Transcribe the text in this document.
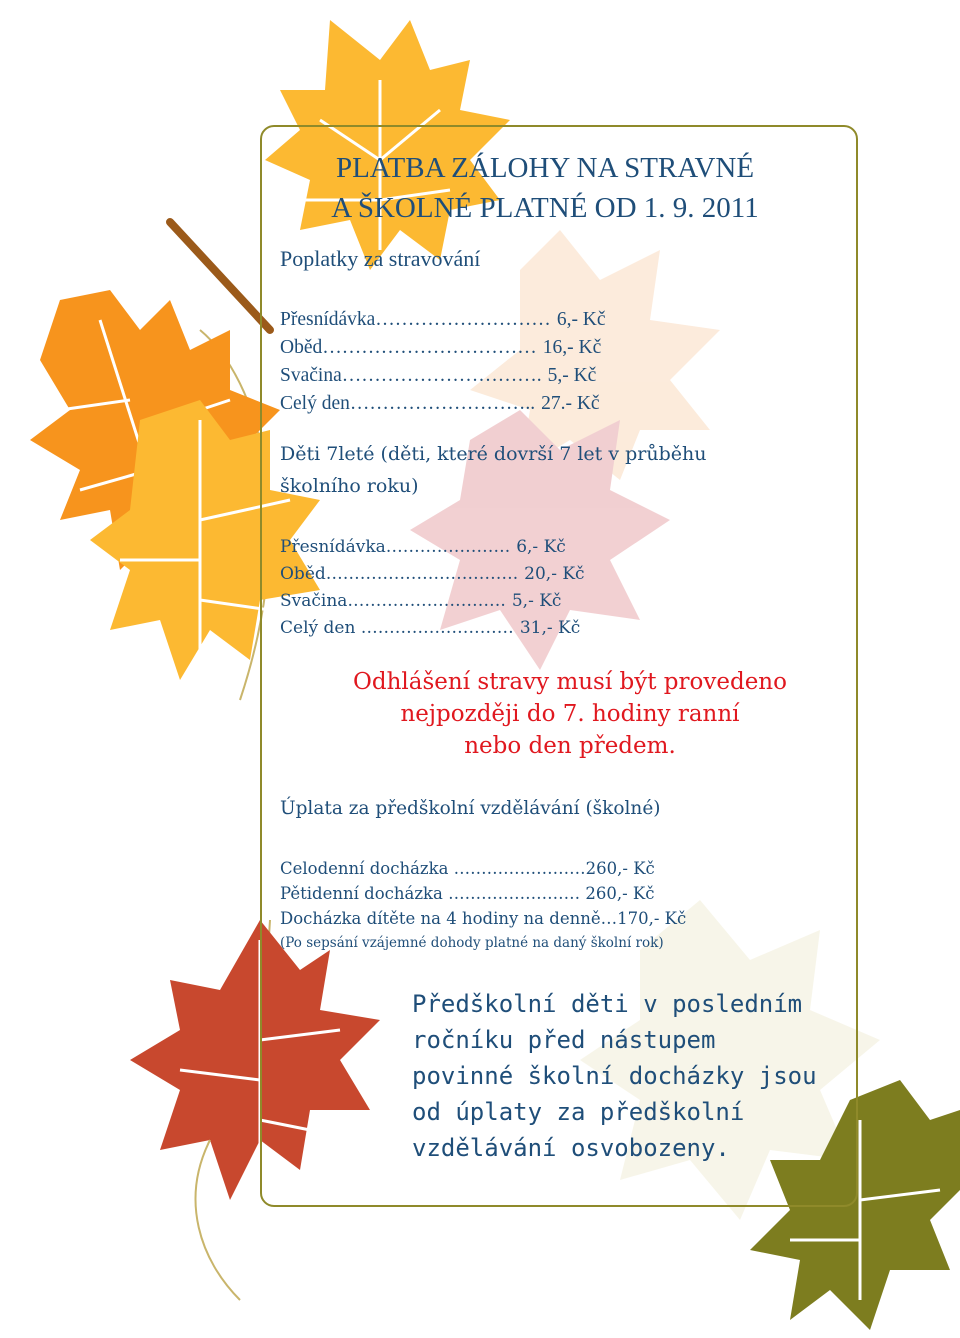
PLATBA ZÁLOHY NA STRAVNÉ
A ŠKOLNÉ PLATNÉ OD 1. 9. 2011
Poplatky za stravování
Přesnídávka……………………… 6,- Kč
Oběd…………………………… 16,- Kč
Svačina…………………………. 5,- Kč
Celý den……………………….. 27.- Kč
Děti 7leté (děti, které dovrší 7 let v průběhu
školního roku)
Přesnídávka…………………. 6,- Kč
Oběd……………………………. 20,- Kč
Svačina………………………. 5,- Kč
Celý den ……………………… 31,- Kč
Odhlášení stravy musí být provedeno
nejpozději do 7. hodiny ranní
nebo den předem.
Úplata za předškolní vzdělávání (školné)
Celodenní docházka ……………………260,- Kč
Pětidenní docházka …………………… 260,- Kč
Docházka dítěte na 4 hodiny na denně…170,- Kč
(Po sepsání vzájemné dohody platné na daný školní rok)
Předškolní děti v posledním
ročníku před nástupem
povinné školní docházky jsou
od úplaty za předškolní
vzdělávání osvobozeny.
